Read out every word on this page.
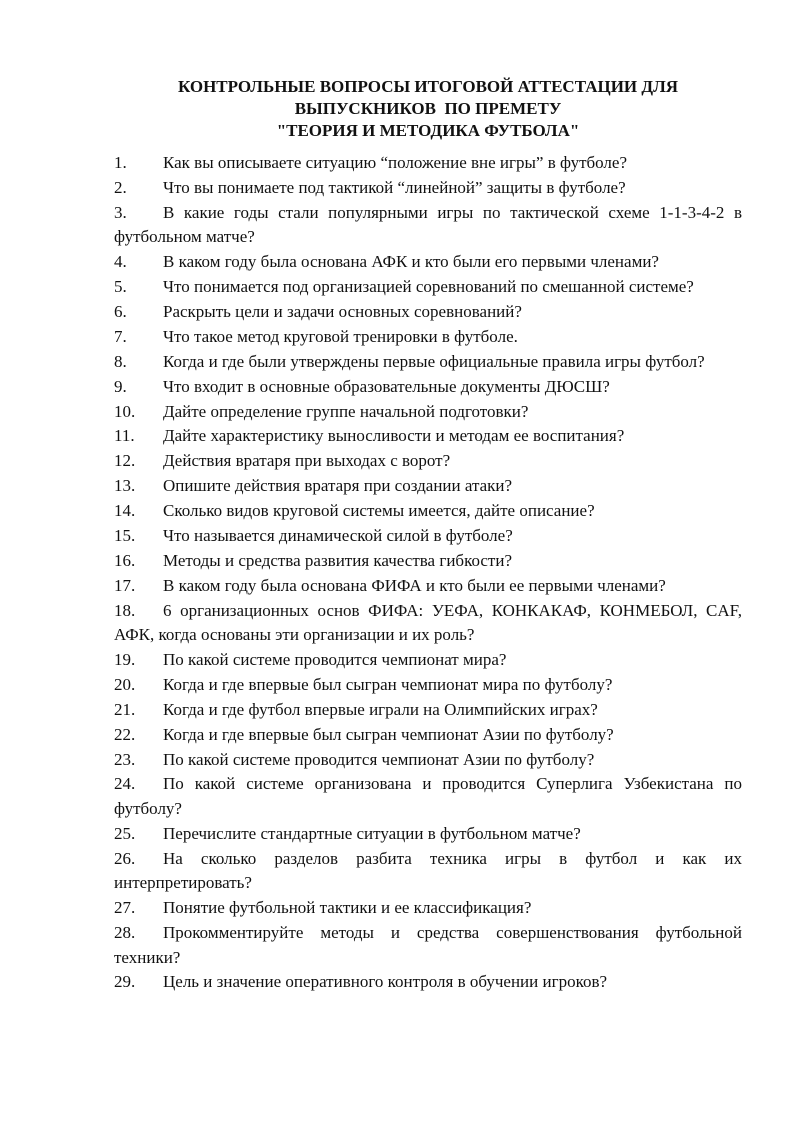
КОНТРОЛЬНЫЕ ВОПРОСЫ ИТОГОВОЙ АТТЕСТАЦИИ ДЛЯ
ВЫПУСКНИКОВ  ПО ПРЕМЕТУ
"ТЕОРИЯ И МЕТОДИКА ФУТБОЛА"
1. Как вы описываете ситуацию “положение вне игры” в футболе?
2. Что вы понимаете под тактикой “линейной” защиты в футболе?
3. В какие годы стали популярными игры по тактической схеме 1-1-3-4-2 в футбольном матче?
4. В каком году была основана АФК и кто были его первыми членами?
5. Что понимается под организацией соревнований по смешанной системе?
6. Раскрыть цели и задачи основных соревнований?
7. Что такое метод круговой тренировки в футболе.
8. Когда и где были утверждены первые официальные правила игры футбол?
9. Что входит в основные образовательные документы ДЮСШ?
10. Дайте определение группе начальной подготовки?
11. Дайте характеристику выносливости и методам ее воспитания?
12. Действия вратаря при выходах с ворот?
13. Опишите действия вратаря при создании атаки?
14. Сколько видов круговой системы имеется, дайте описание?
15. Что называется динамической силой в футболе?
16. Методы и средства развития качества гибкости?
17. В каком году была основана ФИФА и кто были ее первыми членами?
18. 6 организационных основ ФИФА: УЕФА, КОНКАКАФ, КОНМЕБОЛ, CAF, АФК, когда основаны эти организации и их роль?
19. По какой системе проводится чемпионат мира?
20. Когда и где впервые был сыгран чемпионат мира по футболу?
21. Когда и где футбол впервые играли на Олимпийских играх?
22. Когда и где впервые был сыгран чемпионат Азии по футболу?
23. По какой системе проводится чемпионат Азии по футболу?
24. По какой системе организована и проводится Суперлига Узбекистана по футболу?
25. Перечислите стандартные ситуации в футбольном матче?
26. На сколько разделов разбита техника игры в футбол и как их интерпретировать?
27. Понятие футбольной тактики и ее классификация?
28. Прокомментируйте методы и средства совершенствования футбольной техники?
29. Цель и значение оперативного контроля в обучении игроков?
